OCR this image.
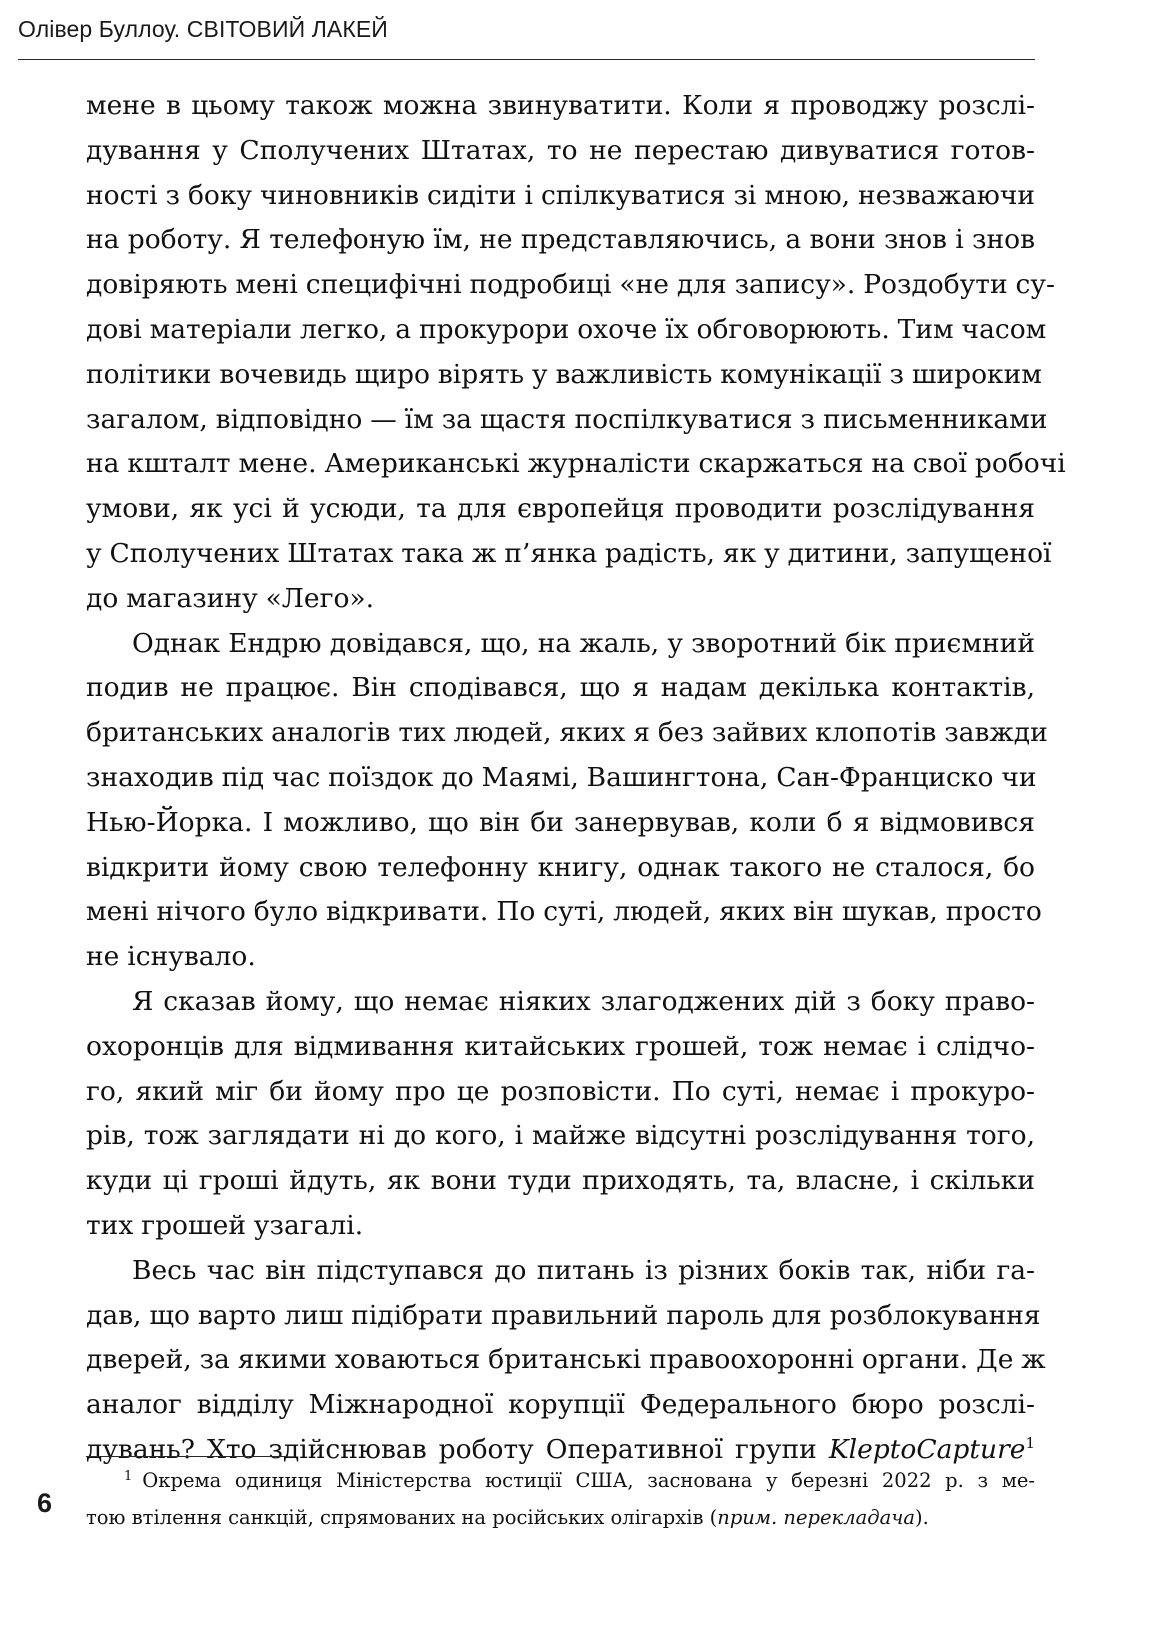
Олівер Буллоу. СВІТОВИЙ ЛАКЕЙ
мене в цьому також можна звинуватити. Коли я проводжу розслі-
дування у Сполучених Штатах, то не перестаю дивуватися готов-
ності з боку чиновників сидіти і спілкуватися зі мною, незважаючи
на роботу. Я телефоную їм, не представляючись, а вони знов і знов
довіряють мені специфічні подробиці «не для запису». Роздобути су-
дові матеріали легко, а прокурори охоче їх обговорюють. Тим часом
політики вочевидь щиро вірять у важливість комунікації з широким
загалом, відповідно — їм за щастя поспілкуватися з письменниками
на кшталт мене. Американські журналісти скаржаться на свої робочі
умови, як усі й усюди, та для європейця проводити розслідування
у Сполучених Штатах така ж п’янка радість, як у дитини, запущеної
до магазину «Лего».
Однак Ендрю довідався, що, на жаль, у зворотний бік приємний
подив не працює. Він сподівався, що я надам декілька контактів,
британських аналогів тих людей, яких я без зайвих клопотів завжди
знаходив під час поїздок до Маямі, Вашингтона, Сан-Франциско чи
Нью-Йорка. І можливо, що він би занервував, коли б я відмовився
відкрити йому свою телефонну книгу, однак такого не сталося, бо
мені нічого було відкривати. По суті, людей, яких він шукав, просто
не існувало.
Я сказав йому, що немає ніяких злагоджених дій з боку право-
охоронців для відмивання китайських грошей, тож немає і слідчо-
го, який міг би йому про це розповісти. По суті, немає і прокуро-
рів, тож заглядати ні до кого, і майже відсутні розслідування того,
куди ці гроші йдуть, як вони туди приходять, та, власне, і скільки
тих грошей узагалі.
Весь час він підступався до питань із різних боків так, ніби га-
дав, що варто лиш підібрати правильний пароль для розблокування
дверей, за якими ховаються британські правоохоронні органи. Де ж
аналог відділу Міжнародної корупції Федерального бюро розслі-
дувань? Хто здійснював роботу Оперативної групи KleptoCapture$^1$
$^1$ Окрема одиниця Міністерства юстиції США, заснована у березні 2022 р. з ме-
тою втілення санкцій, спрямованих на російських олігархів (прим. перекладача).
6
